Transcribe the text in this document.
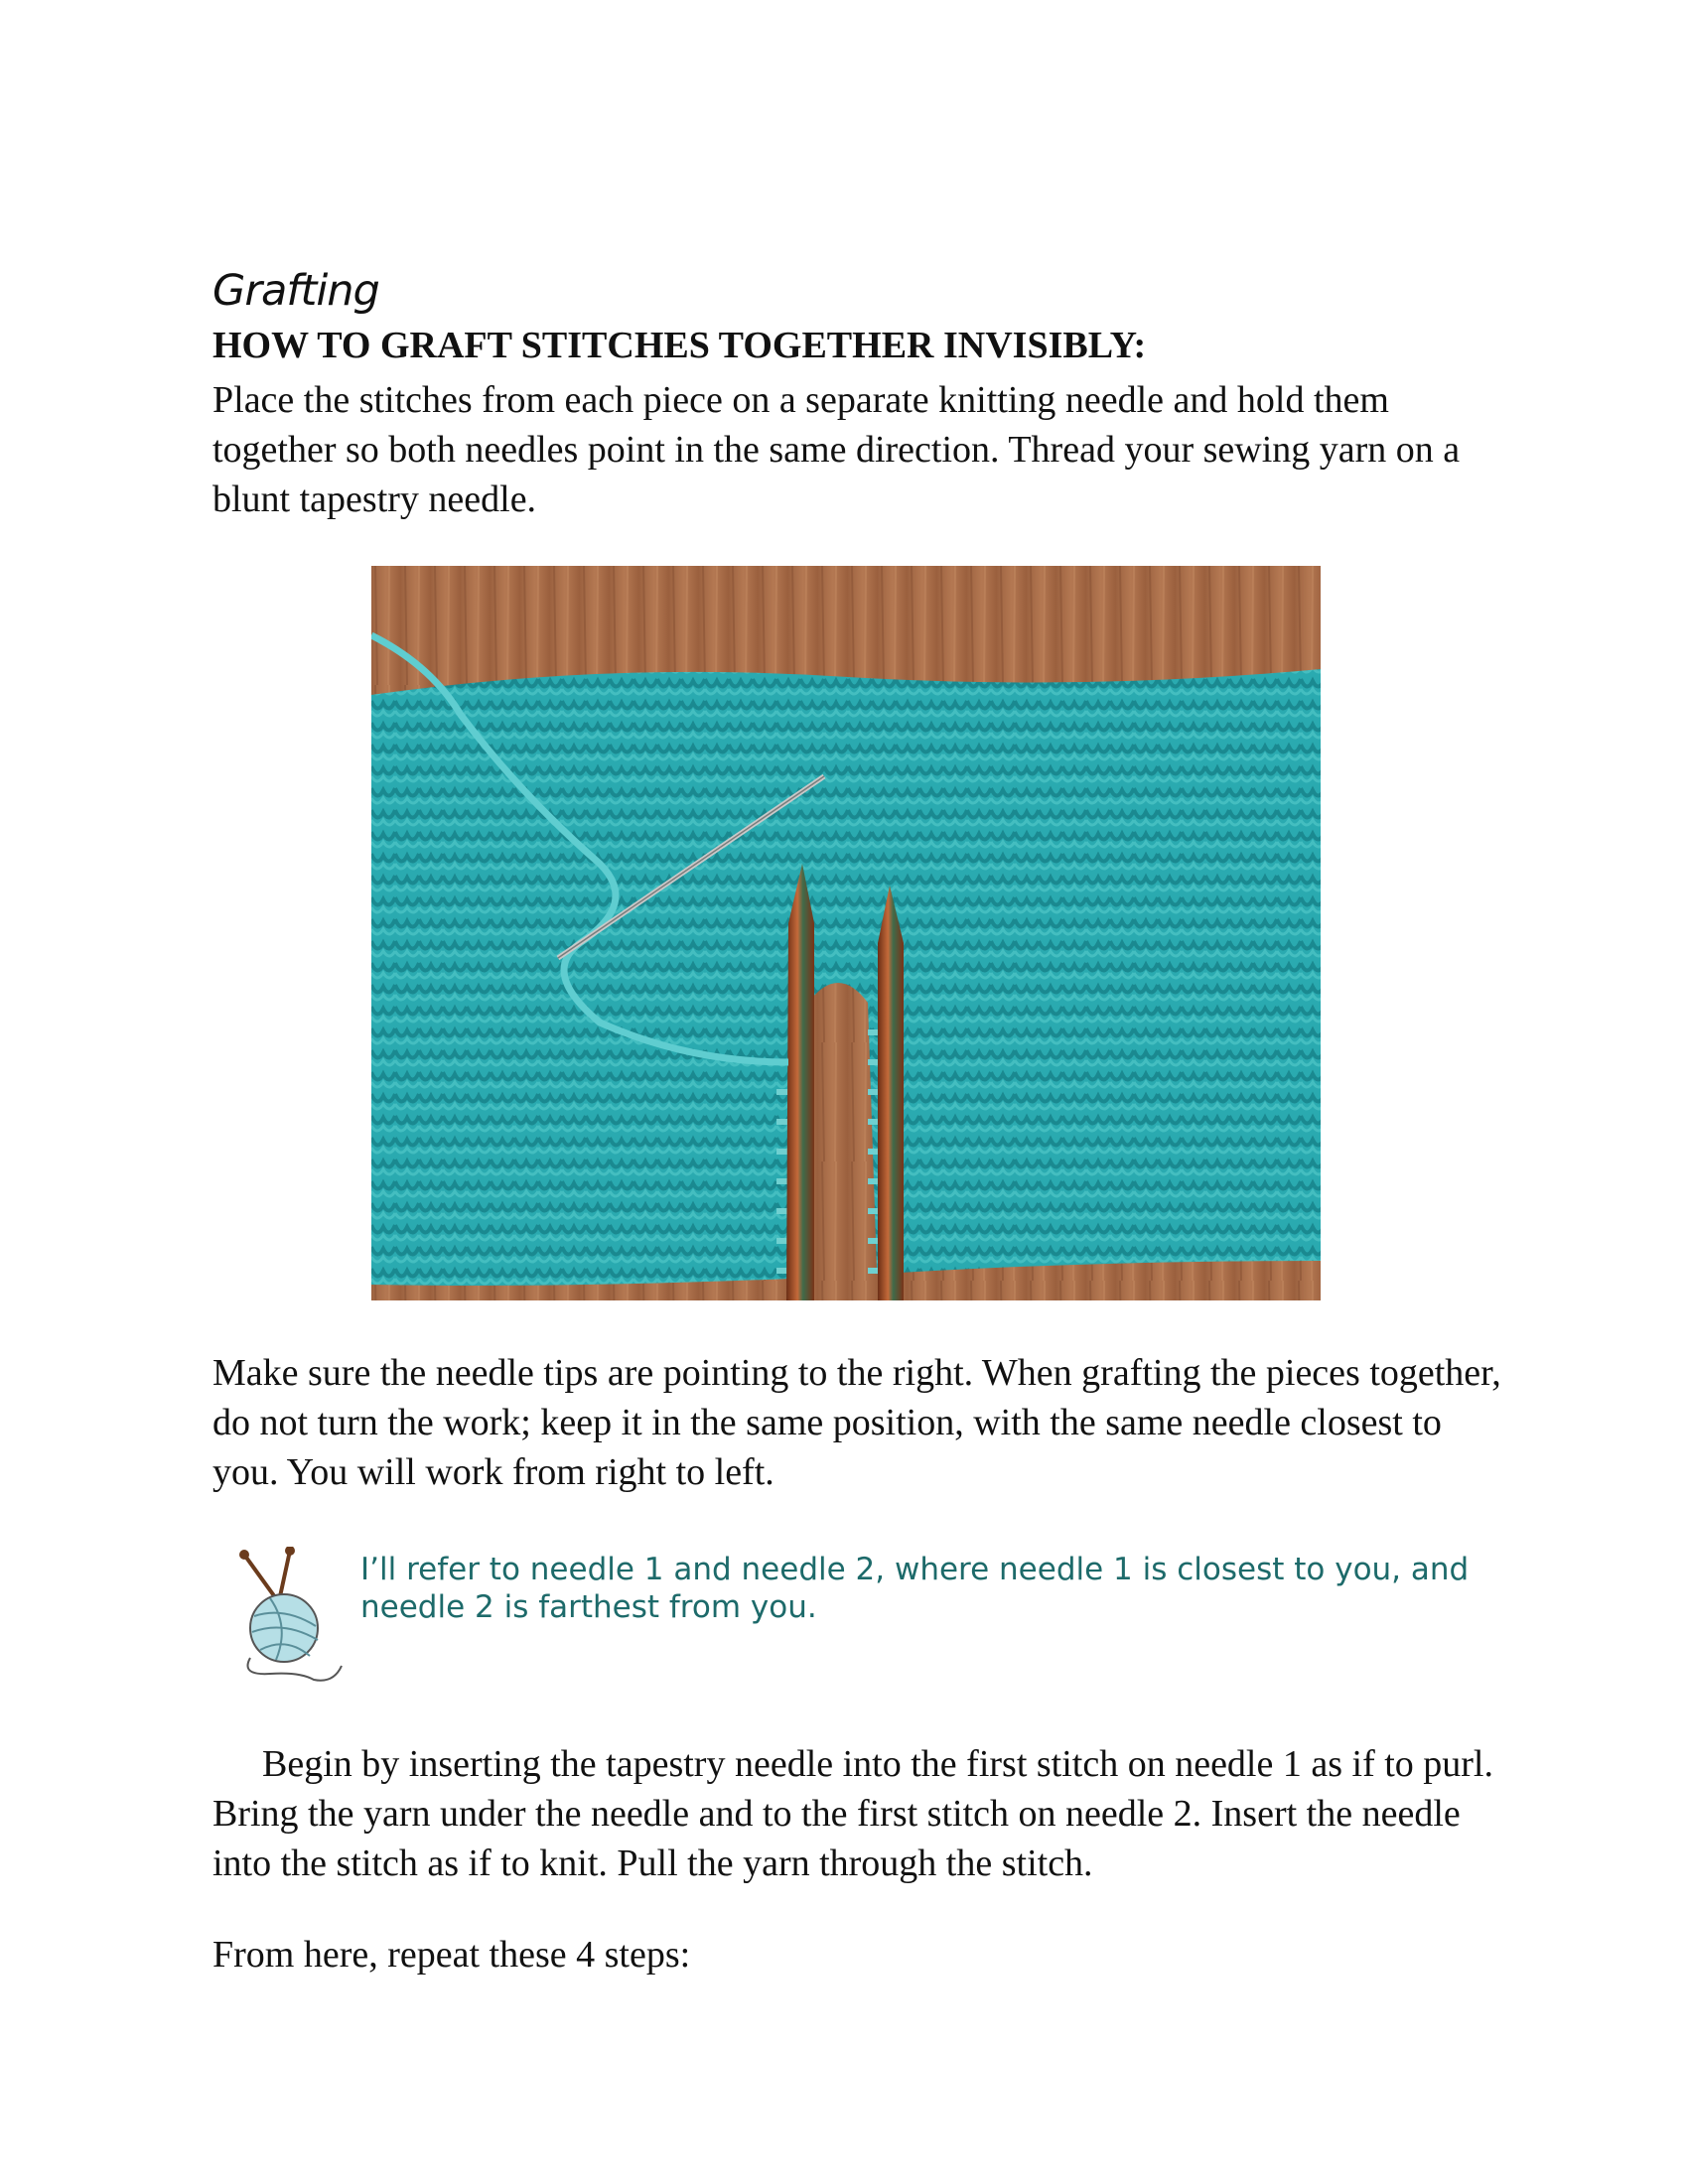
Grafting
HOW TO GRAFT STITCHES TOGETHER INVISIBLY:

Place the stitches from each piece on a separate knitting needle and hold them together so both needles point in the same direction. Thread your sewing yarn on a blunt tapestry needle.

Make sure the needle tips are pointing to the right. When grafting the pieces together, do not turn the work; keep it in the same position, with the same needle closest to you. You will work from right to left.

I’ll refer to needle 1 and needle 2, where needle 1 is closest to you, and needle 2 is farthest from you.

Begin by inserting the tapestry needle into the first stitch on needle 1 as if to purl. Bring the yarn under the needle and to the first stitch on needle 2. Insert the needle into the stitch as if to knit. Pull the yarn through the stitch.

From here, repeat these 4 steps:
